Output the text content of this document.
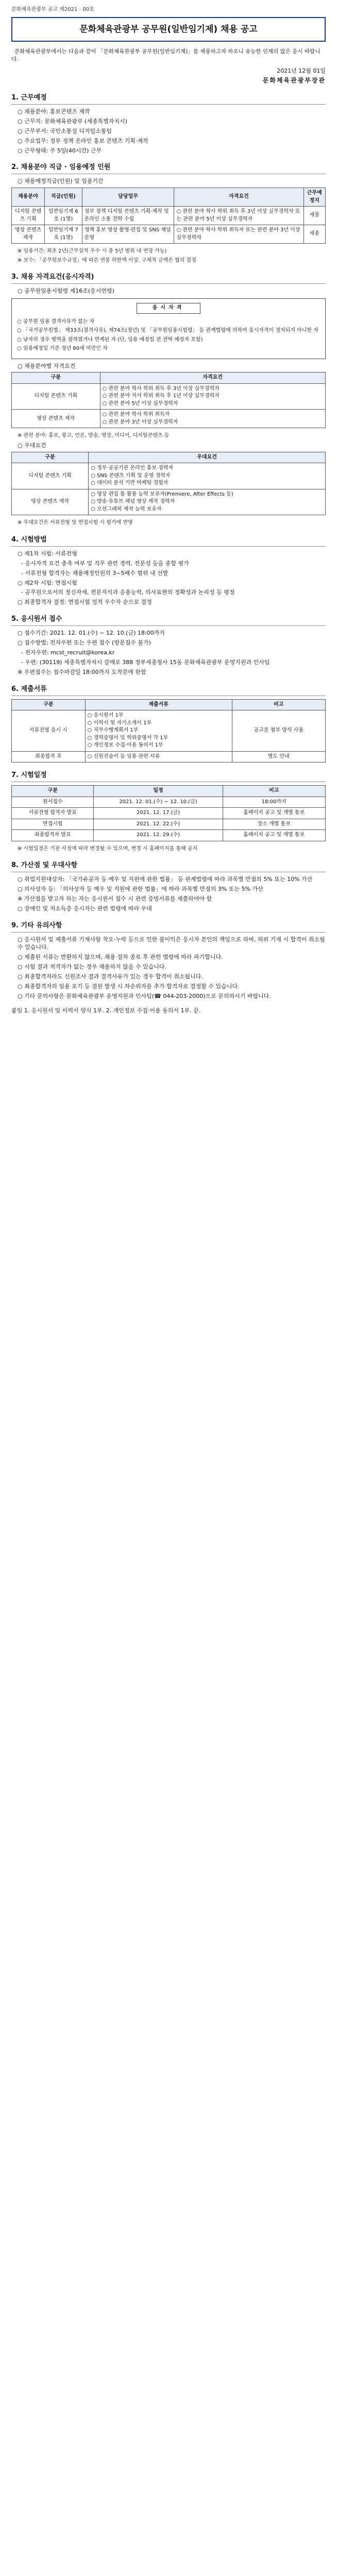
문화체육관광부 공고 제2021 - 00호
문화체육관광부 공무원(일반임기제) 채용 공고

문화체육관광부에서는 다음과 같이 「문화체육관광부 공무원(일반임기제)」를 채용하고자 하오니 유능한 인재의 많은 응시 바랍니다.

2021년 12월 01일
문화체육관광부장관
1. 근무예정

○ 채용분야: 홍보콘텐츠 제작

○ 근무지: 문화체육관광부 (세종특별자치시)

○ 근무부서: 국민소통실 디지털소통팀

○ 주요업무: 정부 정책 온라인 홍보 콘텐츠 기획·제작

○ 근무형태: 주 5일(40시간) 근무

2. 채용분야 직급 · 임용예정 인원

○ 채용예정직급(인원) 및 임용기간

채용분야	직급(인원)	담당업무	자격요건	근무예정지
디지털 콘텐츠 기획	일반임기제 6호 (1명)	정부 정책 디지털 콘텐츠 기획·제작 및 온라인 소통 전략 수립	○ 관련 분야 학사 학위 취득 후 3년 이상 실무경력자 또는 관련 분야 5년 이상 실무경력자	세종
영상 콘텐츠 제작	일반임기제 7호 (1명)	정책 홍보 영상 촬영·편집 및 SNS 채널 운영	○ 관련 분야 학사 학위 취득자 또는 관련 분야 3년 이상 실무경력자	세종

※ 임용기간: 최초 2년(근무실적 우수 시 총 5년 범위 내 연장 가능)

※ 보수: 「공무원보수규정」에 따른 연봉 하한액 이상, 구체적 금액은 협의 결정

3. 채용 자격요건(응시자격)

○ 공무원임용시험령 제16조(응시연령)

응시자격

○ 공무원 임용 결격사유가 없는 자

○ 「국가공무원법」 제33조(결격사유), 제74조(정년) 및 「공무원임용시험령」 등 관계법령에 의하여 응시자격이 정지되지 아니한 자

○ 남자의 경우 병역을 필하였거나 면제된 자 (단, 임용 예정일 전 전역 예정자 포함)

○ 임용예정일 기준 정년 60세 미만인 자

○ 채용분야별 자격요건

구분	자격요건
디지털 콘텐츠 기획	○ 관련 분야 학사 학위 취득 후 3년 이상 실무경력자
○ 관련 분야 석사 학위 취득 후 1년 이상 실무경력자
○ 관련 분야 5년 이상 실무경력자
영상 콘텐츠 제작	○ 관련 분야 학사 학위 취득자
○ 관련 분야 3년 이상 실무경력자

※ 관련 분야: 홍보, 광고, 언론, 방송, 영상, 미디어, 디지털콘텐츠 등

○ 우대요건

구분	우대요건
디지털 콘텐츠 기획	○ 정부·공공기관 온라인 홍보 경력자
○ SNS 콘텐츠 기획 및 운영 경력자
○ 데이터 분석 기반 마케팅 경험자
영상 콘텐츠 제작	○ 영상 편집 툴 활용 능력 보유자(Premiere, After Effects 등)
○ 방송·유튜브 채널 영상 제작 경력자
○ 모션그래픽 제작 능력 보유자

※ 우대요건은 서류전형 및 면접시험 시 평가에 반영

4. 시험방법

○ 제1차 시험: 서류전형

- 응시자격 요건 충족 여부 및 직무 관련 경력, 전문성 등을 종합 평가

- 서류전형 합격자는 채용예정인원의 3~5배수 범위 내 선발

○ 제2차 시험: 면접시험

- 공무원으로서의 정신자세, 전문지식과 응용능력, 의사표현의 정확성과 논리성 등 평정

○ 최종합격자 결정: 면접시험 성적 우수자 순으로 결정

5. 응시원서 접수

○ 접수기간: 2021. 12. 01.(수) ~ 12. 10.(금) 18:00까지

○ 접수방법: 전자우편 또는 우편 접수 (방문접수 불가)

- 전자우편: mcst_recruit@korea.kr

- 우편: (30119) 세종특별자치시 갈매로 388 정부세종청사 15동 문화체육관광부 운영지원과 인사팀

※ 우편접수는 접수마감일 18:00까지 도착분에 한함

6. 제출서류
구분	제출서류	비고
서류전형 응시 시	○ 응시원서 1부
○ 이력서 및 자기소개서 1부
○ 직무수행계획서 1부
○ 경력증명서 및 학위증명서 각 1부
○ 개인정보 수집·이용 동의서 1부	공고문 첨부 양식 사용
최종합격 후	○ 신원진술서 등 임용 관련 서류	별도 안내
7. 시험일정
구분	일정	비고
원서접수	2021. 12. 01.(수) ~ 12. 10.(금)	18:00까지
서류전형 합격자 발표	2021. 12. 17.(금)	홈페이지 공고 및 개별 통보
면접시험	2021. 12. 22.(수)	장소 개별 통보
최종합격자 발표	2021. 12. 29.(수)	홈페이지 공고 및 개별 통보

※ 시험일정은 기관 사정에 따라 변경될 수 있으며, 변경 시 홈페이지를 통해 공지

8. 가산점 및 우대사항

○ 취업지원대상자: 「국가유공자 등 예우 및 지원에 관한 법률」 등 관계법령에 따라 과목별 만점의 5% 또는 10% 가산

○ 의사상자 등: 「의사상자 등 예우 및 지원에 관한 법률」에 따라 과목별 만점의 3% 또는 5% 가산

※ 가산점을 받고자 하는 자는 응시원서 접수 시 관련 증빙서류를 제출하여야 함

○ 장애인 및 저소득층 응시자는 관련 법령에 따라 우대

9. 기타 유의사항

○ 응시원서 및 제출서류 기재사항 착오·누락 등으로 인한 불이익은 응시자 본인의 책임으로 하며, 허위 기재 시 합격이 취소될 수 있습니다.

○ 제출된 서류는 반환하지 않으며, 채용 절차 종료 후 관련 법령에 따라 파기합니다.

○ 시험 결과 적격자가 없는 경우 채용하지 않을 수 있습니다.

○ 최종합격자라도 신원조사 결과 결격사유가 있는 경우 합격이 취소됩니다.

○ 최종합격자의 임용 포기 등 결원 발생 시 차순위자를 추가 합격자로 결정할 수 있습니다.

○ 기타 문의사항은 문화체육관광부 운영지원과 인사팀(☎ 044-203-2000)으로 문의하시기 바랍니다.

붙임 1. 응시원서 및 이력서 양식 1부. 2. 개인정보 수집·이용 동의서 1부. 끝.
